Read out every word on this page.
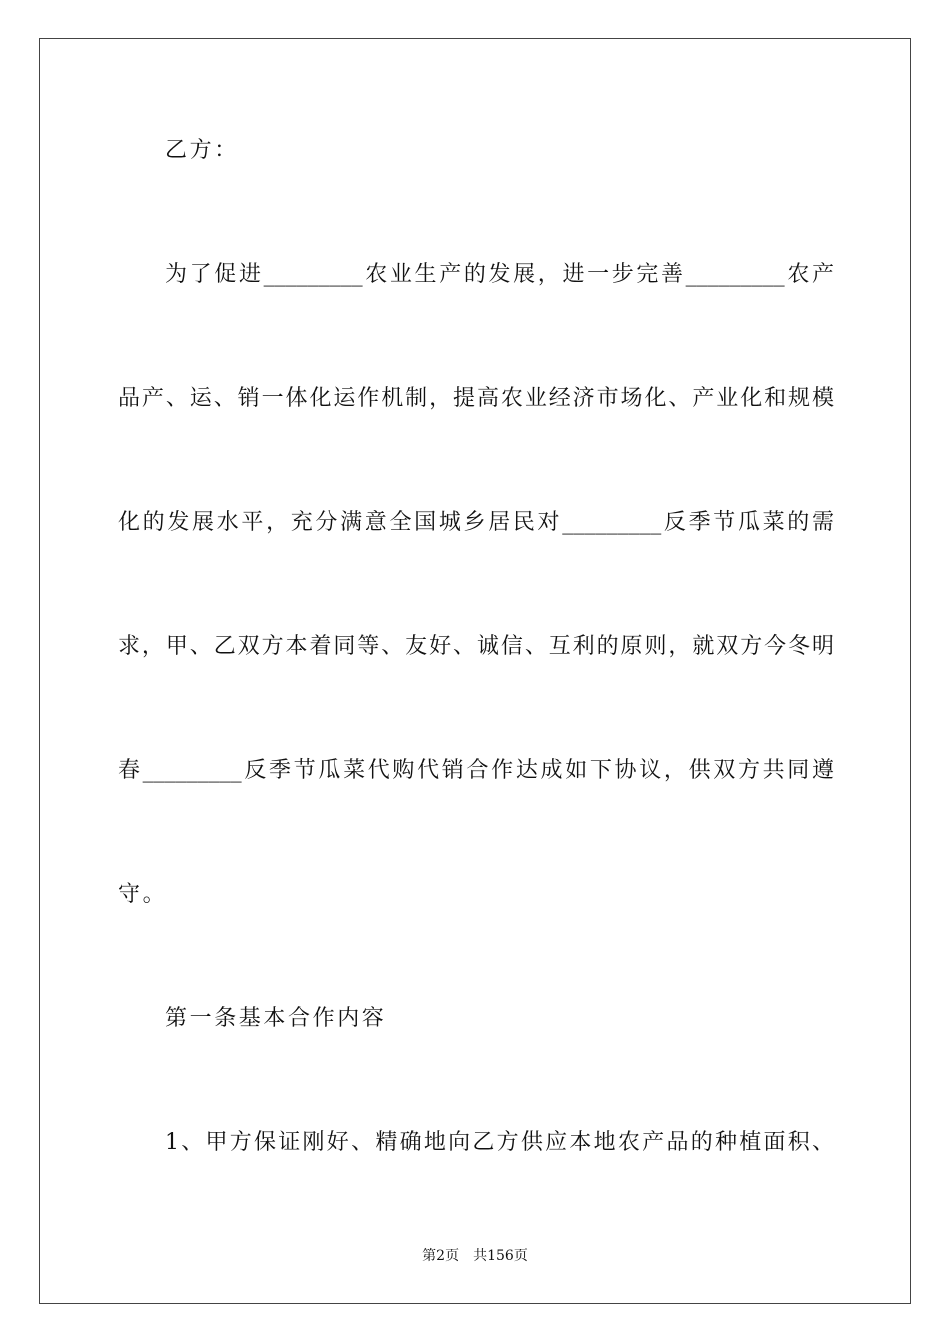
乙方：
为了促进_________农业生产的发展，进一步完善_________农产
品产、运、销一体化运作机制，提高农业经济市场化、产业化和规模
化的发展水平，充分满意全国城乡居民对_________反季节瓜菜的需
求，甲、乙双方本着同等、友好、诚信、互利的原则，就双方今冬明
春_________反季节瓜菜代购代销合作达成如下协议，供双方共同遵
守。
第一条基本合作内容
1、甲方保证刚好、精确地向乙方供应本地农产品的种植面积、
第2页 共156页
